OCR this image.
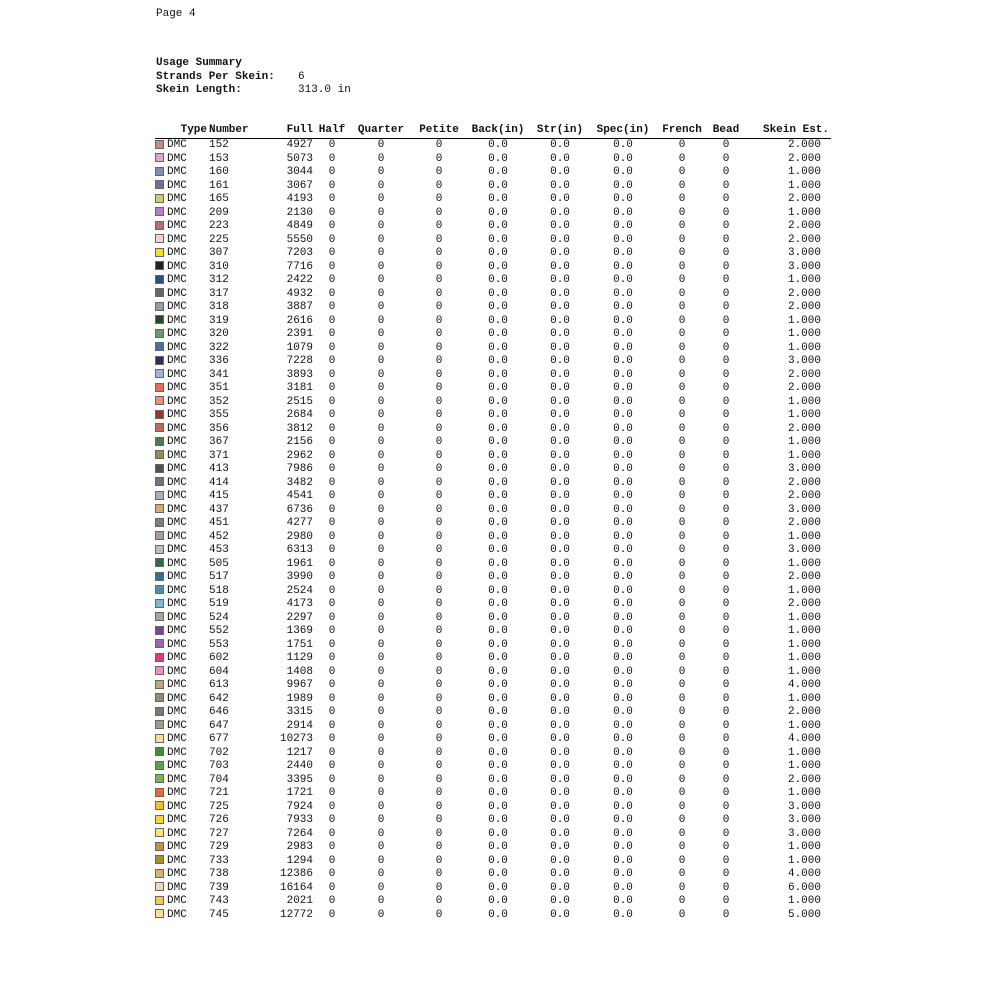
Page 4
Usage Summary
Strands Per Skein:	6
Skein Length:	313.0 in
Type	Number	Full	Half	Quarter	Petite	Back(in)	Str(in)	Spec(in)	French	Bead	Skein Est.
DMC	152	4927	0	0	0	0.0	0.0	0.0	0	0	2.000
DMC	153	5073	0	0	0	0.0	0.0	0.0	0	0	2.000
DMC	160	3044	0	0	0	0.0	0.0	0.0	0	0	1.000
DMC	161	3067	0	0	0	0.0	0.0	0.0	0	0	1.000
DMC	165	4193	0	0	0	0.0	0.0	0.0	0	0	2.000
DMC	209	2130	0	0	0	0.0	0.0	0.0	0	0	1.000
DMC	223	4849	0	0	0	0.0	0.0	0.0	0	0	2.000
DMC	225	5550	0	0	0	0.0	0.0	0.0	0	0	2.000
DMC	307	7203	0	0	0	0.0	0.0	0.0	0	0	3.000
DMC	310	7716	0	0	0	0.0	0.0	0.0	0	0	3.000
DMC	312	2422	0	0	0	0.0	0.0	0.0	0	0	1.000
DMC	317	4932	0	0	0	0.0	0.0	0.0	0	0	2.000
DMC	318	3887	0	0	0	0.0	0.0	0.0	0	0	2.000
DMC	319	2616	0	0	0	0.0	0.0	0.0	0	0	1.000
DMC	320	2391	0	0	0	0.0	0.0	0.0	0	0	1.000
DMC	322	1079	0	0	0	0.0	0.0	0.0	0	0	1.000
DMC	336	7228	0	0	0	0.0	0.0	0.0	0	0	3.000
DMC	341	3893	0	0	0	0.0	0.0	0.0	0	0	2.000
DMC	351	3181	0	0	0	0.0	0.0	0.0	0	0	2.000
DMC	352	2515	0	0	0	0.0	0.0	0.0	0	0	1.000
DMC	355	2684	0	0	0	0.0	0.0	0.0	0	0	1.000
DMC	356	3812	0	0	0	0.0	0.0	0.0	0	0	2.000
DMC	367	2156	0	0	0	0.0	0.0	0.0	0	0	1.000
DMC	371	2962	0	0	0	0.0	0.0	0.0	0	0	1.000
DMC	413	7986	0	0	0	0.0	0.0	0.0	0	0	3.000
DMC	414	3482	0	0	0	0.0	0.0	0.0	0	0	2.000
DMC	415	4541	0	0	0	0.0	0.0	0.0	0	0	2.000
DMC	437	6736	0	0	0	0.0	0.0	0.0	0	0	3.000
DMC	451	4277	0	0	0	0.0	0.0	0.0	0	0	2.000
DMC	452	2980	0	0	0	0.0	0.0	0.0	0	0	1.000
DMC	453	6313	0	0	0	0.0	0.0	0.0	0	0	3.000
DMC	505	1961	0	0	0	0.0	0.0	0.0	0	0	1.000
DMC	517	3990	0	0	0	0.0	0.0	0.0	0	0	2.000
DMC	518	2524	0	0	0	0.0	0.0	0.0	0	0	1.000
DMC	519	4173	0	0	0	0.0	0.0	0.0	0	0	2.000
DMC	524	2297	0	0	0	0.0	0.0	0.0	0	0	1.000
DMC	552	1369	0	0	0	0.0	0.0	0.0	0	0	1.000
DMC	553	1751	0	0	0	0.0	0.0	0.0	0	0	1.000
DMC	602	1129	0	0	0	0.0	0.0	0.0	0	0	1.000
DMC	604	1408	0	0	0	0.0	0.0	0.0	0	0	1.000
DMC	613	9967	0	0	0	0.0	0.0	0.0	0	0	4.000
DMC	642	1989	0	0	0	0.0	0.0	0.0	0	0	1.000
DMC	646	3315	0	0	0	0.0	0.0	0.0	0	0	2.000
DMC	647	2914	0	0	0	0.0	0.0	0.0	0	0	1.000
DMC	677	10273	0	0	0	0.0	0.0	0.0	0	0	4.000
DMC	702	1217	0	0	0	0.0	0.0	0.0	0	0	1.000
DMC	703	2440	0	0	0	0.0	0.0	0.0	0	0	1.000
DMC	704	3395	0	0	0	0.0	0.0	0.0	0	0	2.000
DMC	721	1721	0	0	0	0.0	0.0	0.0	0	0	1.000
DMC	725	7924	0	0	0	0.0	0.0	0.0	0	0	3.000
DMC	726	7933	0	0	0	0.0	0.0	0.0	0	0	3.000
DMC	727	7264	0	0	0	0.0	0.0	0.0	0	0	3.000
DMC	729	2983	0	0	0	0.0	0.0	0.0	0	0	1.000
DMC	733	1294	0	0	0	0.0	0.0	0.0	0	0	1.000
DMC	738	12386	0	0	0	0.0	0.0	0.0	0	0	4.000
DMC	739	16164	0	0	0	0.0	0.0	0.0	0	0	6.000
DMC	743	2021	0	0	0	0.0	0.0	0.0	0	0	1.000
DMC	745	12772	0	0	0	0.0	0.0	0.0	0	0	5.000
